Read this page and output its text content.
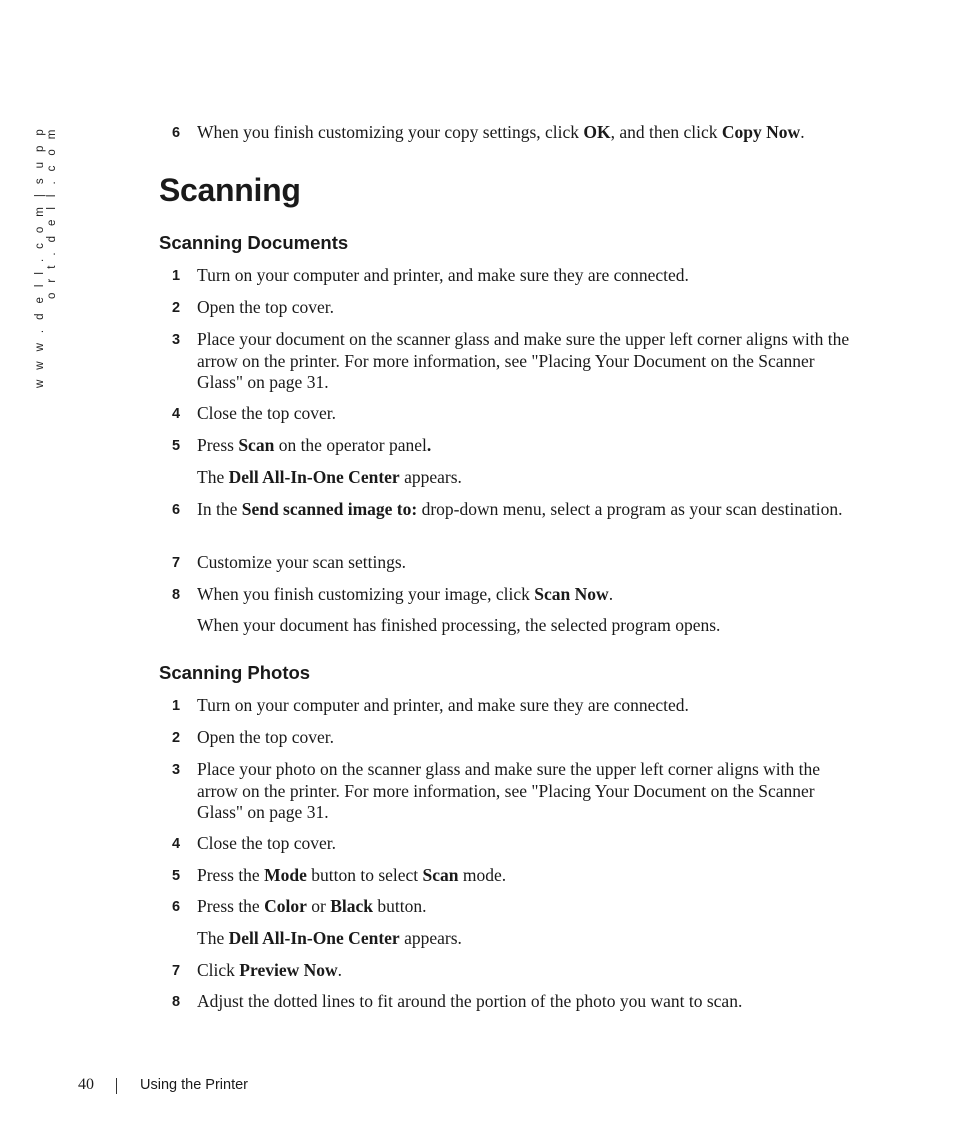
w w w . d e l l . c o m | s u p p o r t . d e l l . c o m	6 When you finish customizing your copy settings, click OK, and then click Copy Now.
Scanning
Scanning Documents
1 Turn on your computer and printer, and make sure they are connected.
2 Open the top cover.
3 Place your document on the scanner glass and make sure the upper left corner aligns with the arrow on the printer. For more information, see "Placing Your Document on the Scanner Glass" on page 31.
4 Close the top cover.
5 Press Scan on the operator panel.
The Dell All-In-One Center appears.
6 In the Send scanned image to: drop-down menu, select a program as your scan destination.
7 Customize your scan settings.
8 When you finish customizing your image, click Scan Now.
When your document has finished processing, the selected program opens.
Scanning Photos
1 Turn on your computer and printer, and make sure they are connected.
2 Open the top cover.
3 Place your photo on the scanner glass and make sure the upper left corner aligns with the arrow on the printer. For more information, see "Placing Your Document on the Scanner Glass" on page 31.
4 Close the top cover.
5 Press the Mode button to select Scan mode.
6 Press the Color or Black button.
The Dell All-In-One Center appears.
7 Click Preview Now.
8 Adjust the dotted lines to fit around the portion of the photo you want to scan.
40	Using the Printer
